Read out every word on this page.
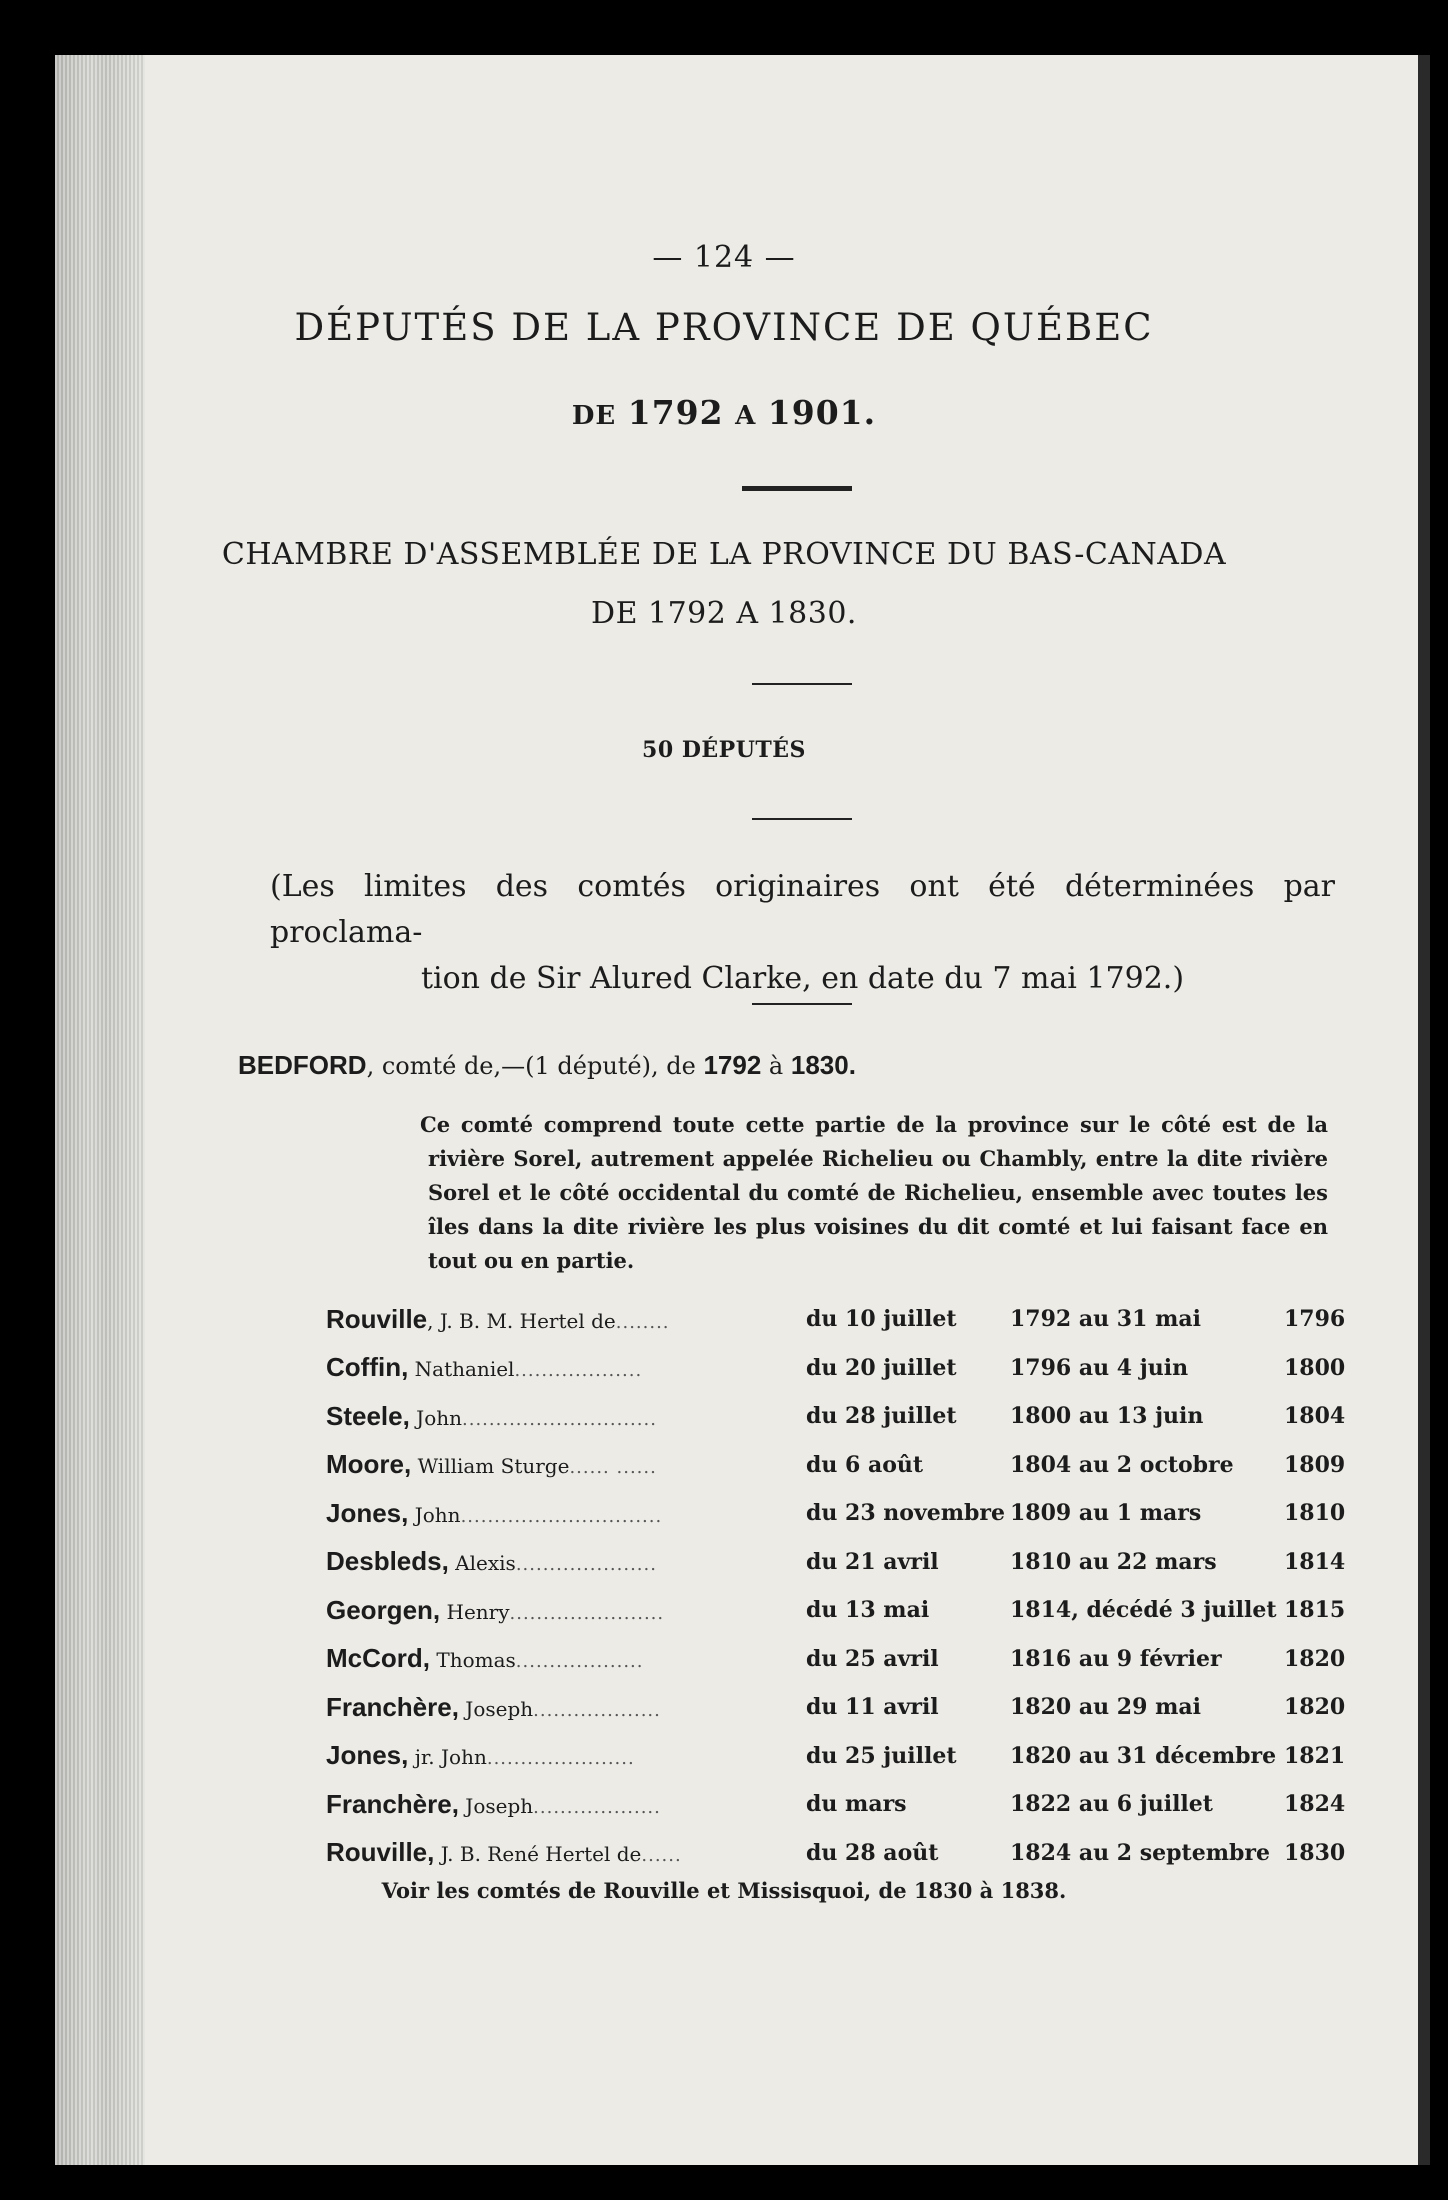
— 124 —
DÉPUTÉS DE LA PROVINCE DE QUÉBEC
DE 1792 A 1901.
CHAMBRE D'ASSEMBLÉE DE LA PROVINCE DU BAS-CANADA
DE 1792 A 1830.
50 DÉPUTÉS
(Les limites des comtés originaires ont été déterminées par proclama-
tion de Sir Alured Clarke, en date du 7 mai 1792.)
BEDFORD, comté de,—(1 député), de 1792 à 1830.

Ce comté comprend toute cette partie de la province sur le côté est de la rivière Sorel, autrement appelée Richelieu ou Chambly, entre la dite rivière Sorel et le côté occidental du comté de Richelieu, ensemble avec toutes les îles dans la dite rivière les plus voisines du dit comté et lui faisant face en tout ou en partie.

Rouville, J. B. M. Hertel de........	du 10 juillet	1792 au 31 mai	1796
Coffin, Nathaniel...................	du 20 juillet	1796 au 4 juin	1800
Steele, John.............................	du 28 juillet	1800 au 13 juin	1804
Moore, William Sturge...... ......	du 6 août	1804 au 2 octobre	1809
Jones, John..............................	du 23 novembre	1809 au 1 mars	1810
Desbleds, Alexis.....................	du 21 avril	1810 au 22 mars	1814
Georgen, Henry.......................	du 13 mai	1814, décédé 3 juillet	1815
McCord, Thomas...................	du 25 avril	1816 au 9 février	1820
Franchère, Joseph...................	du 11 avril	1820 au 29 mai	1820
Jones, jr. John......................	du 25 juillet	1820 au 31 décembre	1821
Franchère, Joseph...................	du mars	1822 au 6 juillet	1824
Rouville, J. B. René Hertel de......	du 28 août	1824 au 2 septembre	1830
Voir les comtés de Rouville et Missisquoi, de 1830 à 1838.
